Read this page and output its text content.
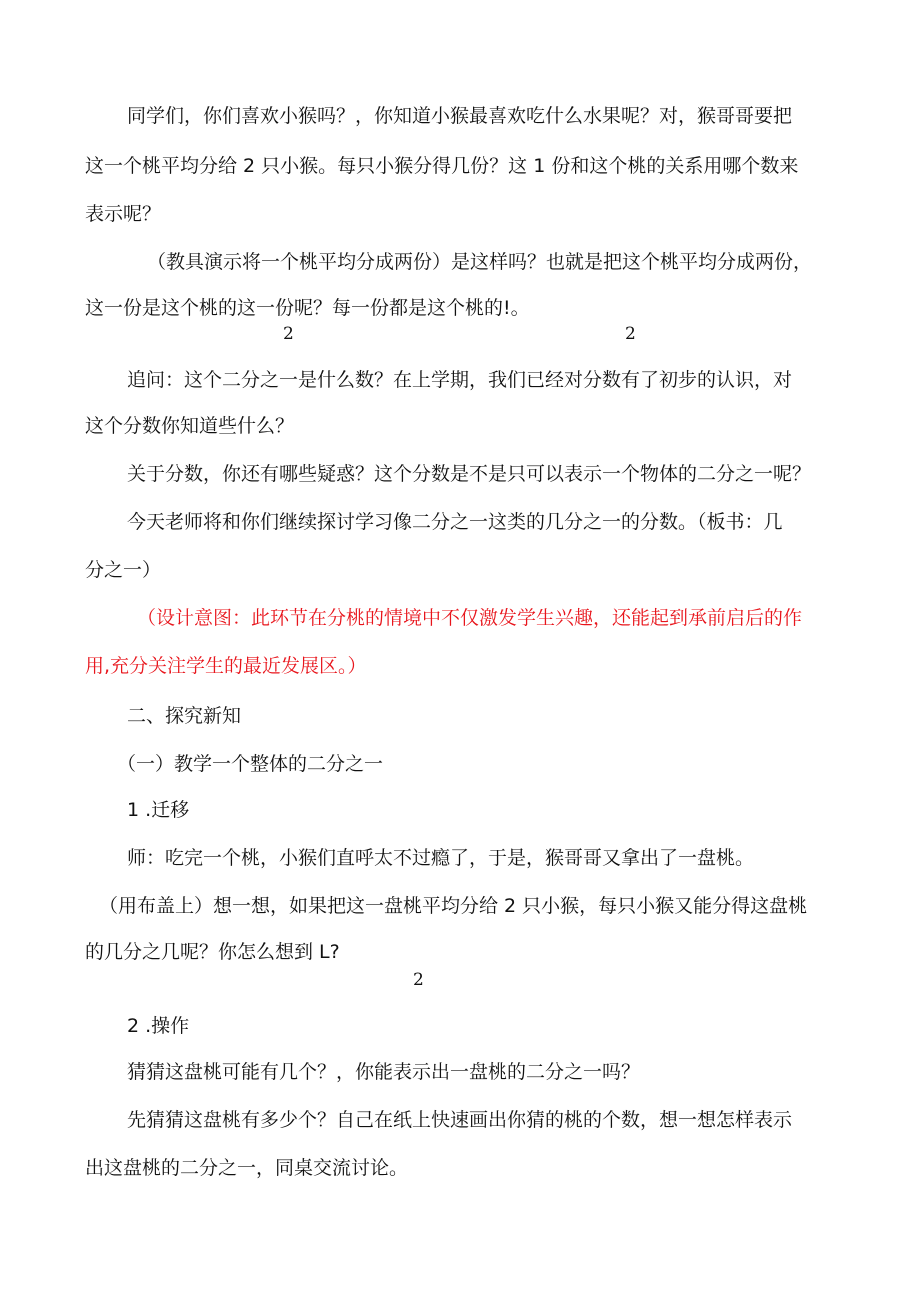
同学们，你们喜欢小猴吗？，你知道小猴最喜欢吃什么水果呢？对，猴哥哥要把
这一个桃平均分给 2 只小猴。每只小猴分得几份？这 1 份和这个桃的关系用哪个数来
表示呢？
（教具演示将一个桃平均分成两份）是这样吗？也就是把这个桃平均分成两份，
这一份是这个桃的这一份呢？每一份都是这个桃的!。
2	2
追问：这个二分之一是什么数？在上学期，我们已经对分数有了初步的认识，对
这个分数你知道些什么？
关于分数，你还有哪些疑惑？这个分数是不是只可以表示一个物体的二分之一呢？
今天老师将和你们继续探讨学习像二分之一这类的几分之一的分数。（板书：几
分之一）
（设计意图：此环节在分桃的情境中不仅激发学生兴趣，还能起到承前启后的作
用,充分关注学生的最近发展区。）
二、探究新知
（一）教学一个整体的二分之一
1 .迁移
师：吃完一个桃，小猴们直呼太不过瘾了，于是，猴哥哥又拿出了一盘桃。
（用布盖上）想一想，如果把这一盘桃平均分给 2 只小猴，每只小猴又能分得这盘桃
的几分之几呢？你怎么想到 L?
2
2 .操作
猜猜这盘桃可能有几个？，你能表示出一盘桃的二分之一吗？
先猜猜这盘桃有多少个？自己在纸上快速画出你猜的桃的个数，想一想怎样表示
出这盘桃的二分之一，同桌交流讨论。
